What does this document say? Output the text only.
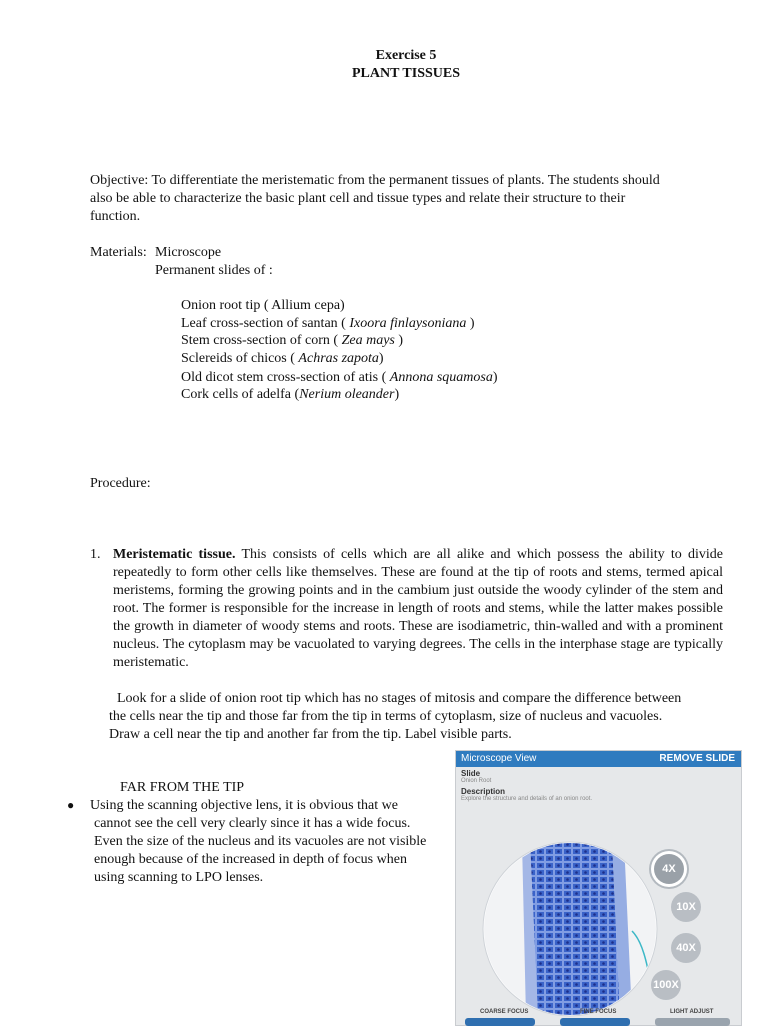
Exercise 5
PLANT TISSUES
Objective: To differentiate the meristematic from the permanent tissues of plants. The students should
also be able to characterize the basic plant cell and tissue types and relate their structure to their
function.
Materials: Microscope
Permanent slides of :
Onion root tip ( Allium cepa)
Leaf cross-section of santan ( Ixoora finlaysoniana )
Stem cross-section of corn ( Zea mays )
Sclereids of chicos ( Achras zapota)
Old dicot stem cross-section of atis ( Annona squamosa)
Cork cells of adelfa (Nerium oleander)
Procedure:
1. Meristematic tissue. This consists of cells which are all alike and which possess the ability to divide repeatedly to form other cells like themselves. These are found at the tip of roots and stems, termed apical meristems, forming the growing points and in the cambium just outside the woody cylinder of the stem and root. The former is responsible for the increase in length of roots and stems, while the latter makes possible the growth in diameter of woody stems and roots. These are isodiametric, thin-walled and with a prominent nucleus. The cytoplasm may be vacuolated to varying degrees. The cells in the interphase stage are typically meristematic.
Look for a slide of onion root tip which has no stages of mitosis and compare the difference between
the cells near the tip and those far from the tip in terms of cytoplasm, size of nucleus and vacuoles.
Draw a cell near the tip and another far from the tip. Label visible parts.
FAR FROM THE TIP
● Using the scanning objective lens, it is obvious that we
cannot see the cell very clearly since it has a wide focus.
Even the size of the nucleus and its vacuoles are not visible
enough because of the increased in depth of focus when
using scanning to LPO lenses.
Microscope View	REMOVE SLIDE
Slide
Onion Root
Description
Explore the structure and details of an onion root.
4X
10X
40X
100X
COARSE FOCUS	FINE FOCUS	LIGHT ADJUST
